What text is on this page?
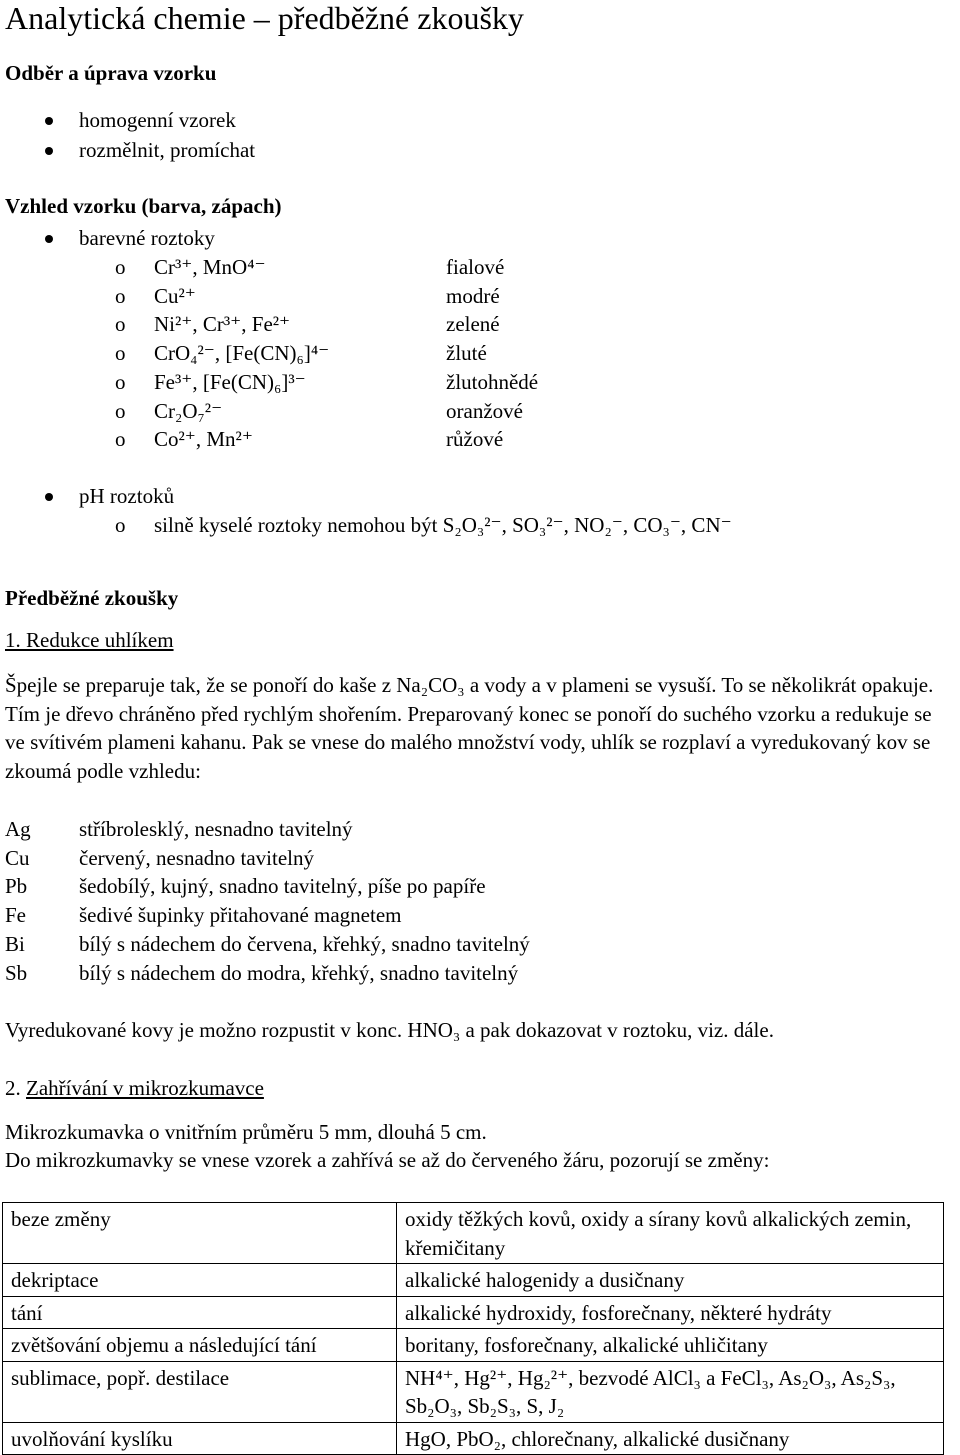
Analytická chemie – předběžné zkoušky
Odběr a úprava vzorku
homogenní vzorek
rozmělnit, promíchat
Vzhled vzorku (barva, zápach)
barevné roztoky
o Cr³⁺, MnO⁴⁻	fialové
o Cu²⁺	modré
o Ni²⁺, Cr³⁺, Fe²⁺	zelené
o CrO₄²⁻, [Fe(CN)₆]⁴⁻	žluté
o Fe³⁺, [Fe(CN)₆]³⁻	žlutohnědé
o Cr₂O₇²⁻	oranžové
o Co²⁺, Mn²⁺	růžové
pH roztoků
o silně kyselé roztoky nemohou být S₂O₃²⁻, SO₃²⁻, NO₂⁻, CO₃⁻, CN⁻
Předběžné zkoušky
1. Redukce uhlíkem
Špejle se preparuje tak, že se ponoří do kaše z Na₂CO₃ a vody a v plameni se vysuší. To se několikrát opakuje. Tím je dřevo chráněno před rychlým shořením. Preparovaný konec se ponoří do suchého vzorku a redukuje se ve svítivém plameni kahanu. Pak se vnese do malého množství vody, uhlík se rozplaví a vyredukovaný kov se zkoumá podle vzhledu:
Ag stříbrolesklý, nesnadno tavitelný
Cu červený, nesnadno tavitelný
Pb šedobílý, kujný, snadno tavitelný, píše po papíře
Fe	šedivé šupinky přitahované magnetem
Bi	bílý s nádechem do červena, křehký, snadno tavitelný
Sb bílý s nádechem do modra, křehký, snadno tavitelný
Vyredukované kovy je možno rozpustit v konc. HNO₃ a pak dokazovat v roztoku, viz. dále.
2. Zahřívání v mikrozkumavce
Mikrozkumavka o vnitřním průměru 5 mm, dlouhá 5 cm.
Do mikrozkumavky se vnese vzorek a zahřívá se až do červeného žáru, pozorují se změny:
beze změny	oxidy těžkých kovů, oxidy a sírany kovů alkalických zemin, křemičitany
dekriptace	alkalické halogenidy a dusičnany
tání	alkalické hydroxidy, fosforečnany, některé hydráty
zvětšování objemu a následující tání	boritany, fosforečnany, alkalické uhličitany
sublimace, popř. destilace	NH⁴⁺, Hg²⁺, Hg₂²⁺, bezvodé AlCl₃ a FeCl₃, As₂O₃, As₂S₃, Sb₂O₃, Sb₂S₃, S, J₂
uvolňování kyslíku	HgO, PbO₂, chlorečnany, alkalické dusičnany
